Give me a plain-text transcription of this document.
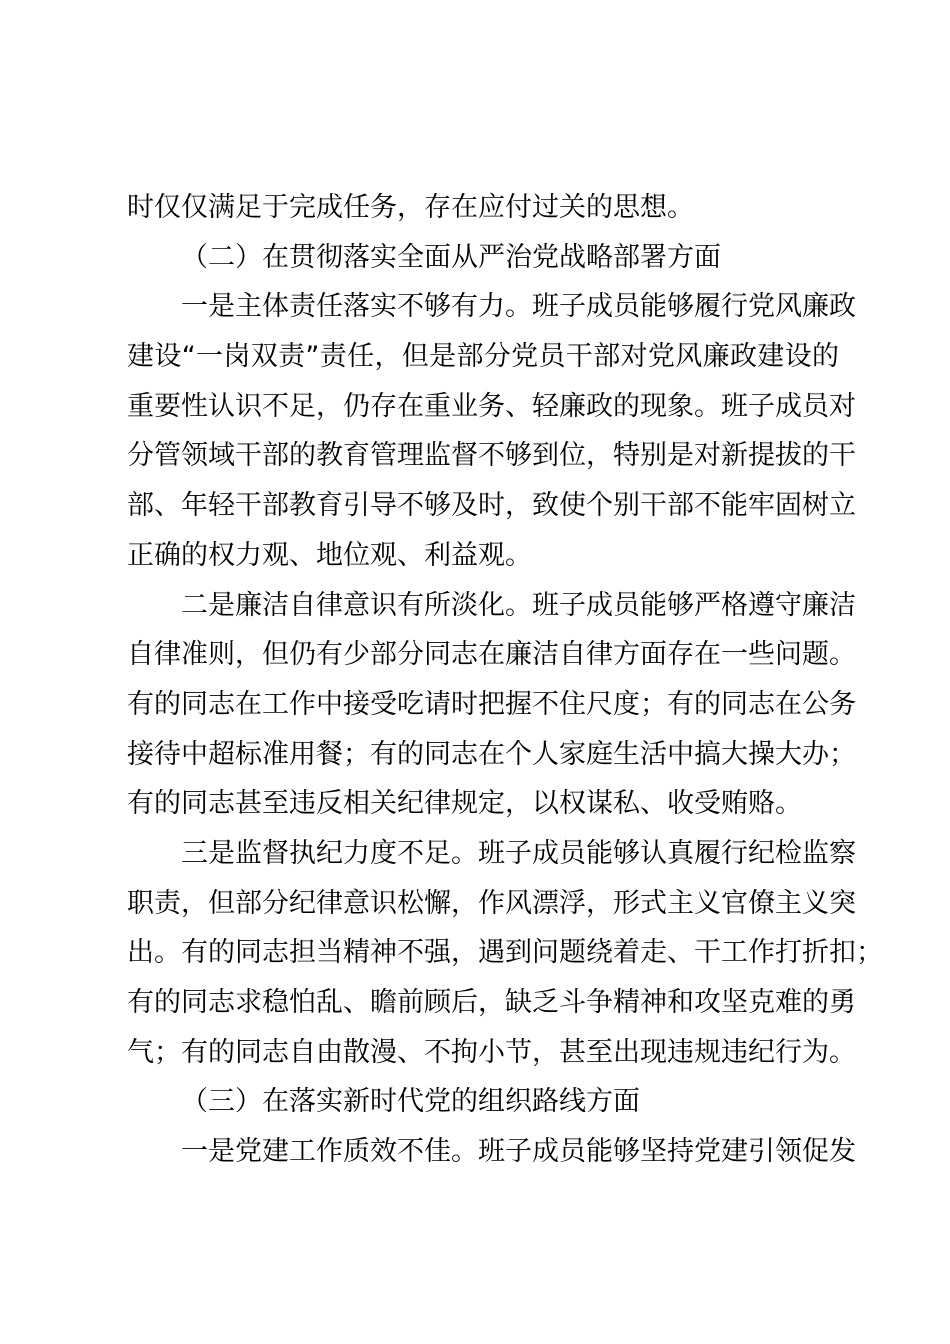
时仅仅满足于完成任务，存在应付过关的思想。
（二）在贯彻落实全面从严治党战略部署方面
一是主体责任落实不够有力。班子成员能够履行党风廉政
建设“一岗双责”责任，但是部分党员干部对党风廉政建设的
重要性认识不足，仍存在重业务、轻廉政的现象。班子成员对
分管领域干部的教育管理监督不够到位，特别是对新提拔的干
部、年轻干部教育引导不够及时，致使个别干部不能牢固树立
正确的权力观、地位观、利益观。
二是廉洁自律意识有所淡化。班子成员能够严格遵守廉洁
自律准则，但仍有少部分同志在廉洁自律方面存在一些问题。
有的同志在工作中接受吃请时把握不住尺度；有的同志在公务
接待中超标准用餐；有的同志在个人家庭生活中搞大操大办；
有的同志甚至违反相关纪律规定，以权谋私、收受贿赂。
三是监督执纪力度不足。班子成员能够认真履行纪检监察
职责，但部分纪律意识松懈，作风漂浮，形式主义官僚主义突
出。有的同志担当精神不强，遇到问题绕着走、干工作打折扣；
有的同志求稳怕乱、瞻前顾后，缺乏斗争精神和攻坚克难的勇
气；有的同志自由散漫、不拘小节，甚至出现违规违纪行为。
（三）在落实新时代党的组织路线方面
一是党建工作质效不佳。班子成员能够坚持党建引领促发
